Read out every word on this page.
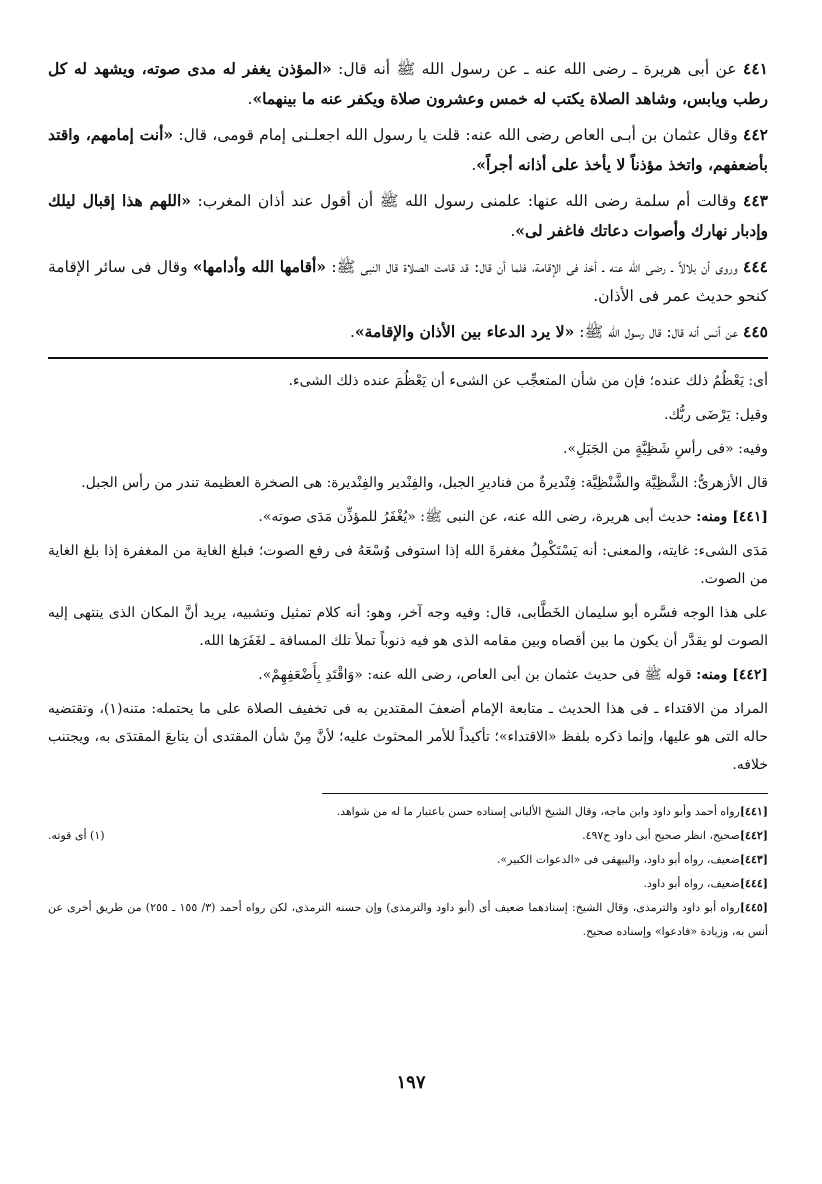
٤٤١ عن أبى هريرة ـ رضى الله عنه ـ عن رسول الله ﷺ أنه قال: «المؤذن يغفر له مدى صوته، ويشهد له كل رطب ويابس، وشاهد الصلاة يكتب له خمس وعشرون صلاة ويكفر عنه ما بينهما».

٤٤٢ وقال عثمان بن أبـى العاص رضى الله عنه: قلت يا رسول الله اجعلـنى إمام قومى، قال: «أنت إمامهم، واقتد بأضعفهم، واتخذ مؤذناً لا يأخذ على أذانه أجراً».

٤٤٣ وقالت أم سلمة رضى الله عنها: علمنى رسول الله ﷺ أن أقول عند أذان المغرب: «اللهم هذا إقبال ليلك وإدبار نهارك وأصوات دعاتك فاغفر لى».

٤٤٤ وروى أن بلالاً ـ رضى الله عنه ـ أخذ فى الإقامة، فلما أن قال: قد قامت الصلاة قال النبى ﷺ: «أقامها الله وأدامها» وقال فى سائر الإقامة كنحو حديث عمر فى الأذان.

٤٤٥ عن أنس أنه قال: قال رسول الله ﷺ: «لا يرد الدعاء بين الأذان والإقامة».

أى: يَعْظُمُ ذلك عنده؛ فإن من شأن المتعجِّب عن الشىء أن يَعْظُمَ عنده ذلك الشىء.

وقيل: يَرْضَى ربُّك.

وفيه: «فى رأسِ شَظِيَّةٍ من الجَبَلِ».

قال الأزهرىُّ: الشَّظِيَّة والشَّنْظِيَّة: فِنْديرةٌ من فناديرِ الجبل، والفِنْدير والفِنْديرة: هى الصخرة العظيمة تندر من رأس الجبل.

[٤٤١] ومنه: حديث أبى هريرة، رضى الله عنه، عن النبى ﷺ: «يُغْفَرُ للمؤذِّن مَدَى صوته».

مَدَى الشىء: غايته، والمعنى: أنه يَسْتَكْمِلُ مغفرةَ الله إذا استوفى وُسْعَهُ فى رفع الصوت؛ فبلغ الغاية من المغفرة إذا بلغ الغاية من الصوت.

على هذا الوجه فسَّره أبو سليمان الخَطَّابى، قال: وفيه وجه آخر، وهو: أنه كلام تمثيل وتشبيه، يريد أنَّ المكان الذى ينتهى إليه الصوت لو يقدَّر أن يكون ما بين أقصاه وبين مقامه الذى هو فيه ذنوباً تملأ تلك المسافة ـ لغَفَرَها الله.

[٤٤٢] ومنه: قوله ﷺ فى حديث عثمان بن أبى العاص، رضى الله عنه: «وَاقْتَدِ بِأَضْعَفِهِمْ».

المراد من الاقتداء ـ فى هذا الحديث ـ متابعة الإمام أضعفَ المقتدين به فى تخفيف الصلاة على ما يحتمله: متنه(١)، وتقتضيه حاله التى هو عليها، وإنما ذكره بلفظ «الاقتداء»؛ تأكيداً للأمر المحثوث عليه؛ لأنَّ مِنْ شأن المقتدى أن يتابعَ المقتدَى به، ويجتنب خلافه.

[٤٤١]رواه أحمد وأبو داود وابن ماجه، وقال الشيخ الألبانى إسناده حسن باعتبار ما له من شواهد.

[٤٤٢]صحيح، انظر صحيح أبى داود ح٤٩٧.

(١) أى قوته.

[٤٤٣]ضعيف، رواه أبو داود، والبيهقى فى «الدعوات الكبير».

[٤٤٤]ضعيف، رواه أبو داود.

[٤٤٥]رواه أبو داود والترمذى، وقال الشيخ: إسنادهما ضعيف أى (أبو داود والترمذى) وإن حسنه الترمذى، لكن رواه أحمد (٣/ ١٥٥ ـ ٢٥٥) من طريق أخرى عن أنس به، وزيادة «فادعوا» وإسناده صحيح.

١٩٧
